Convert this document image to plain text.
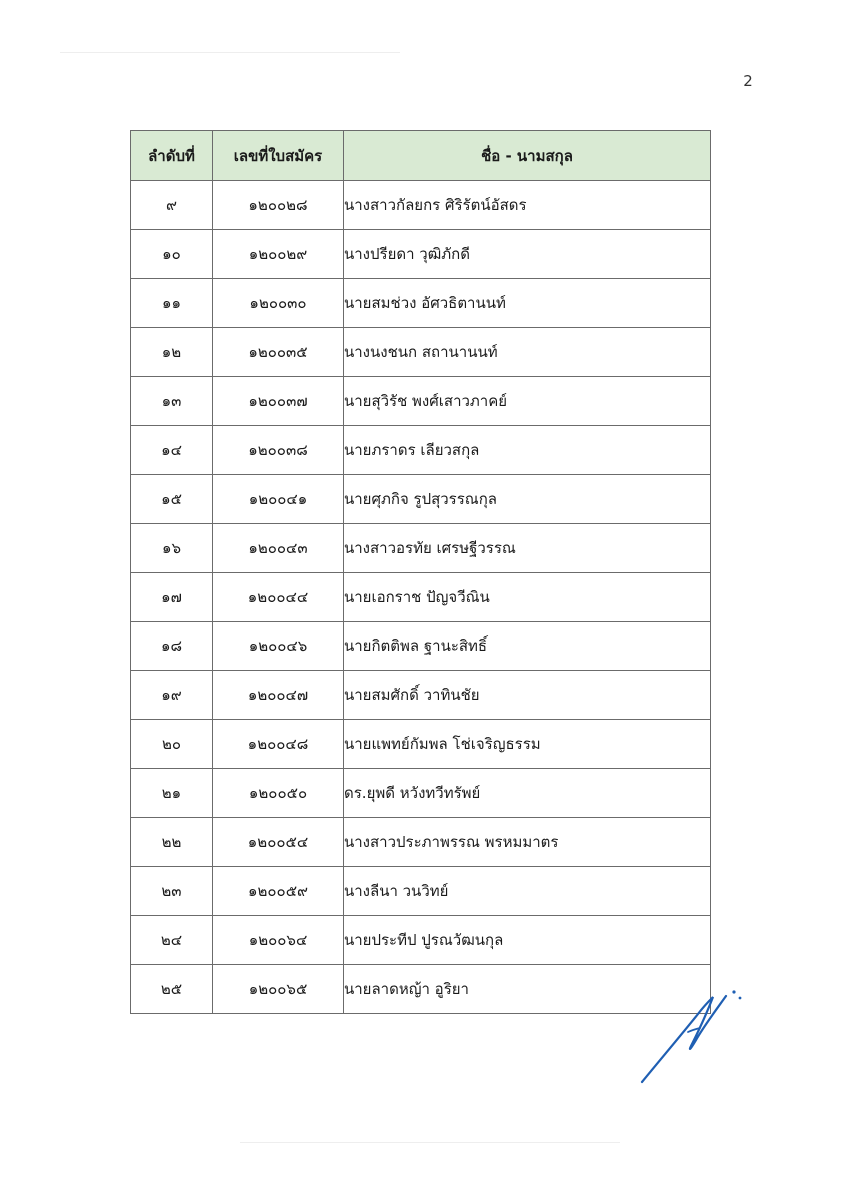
2
ลำดับที่	เลขที่ใบสมัคร	ชื่อ - นามสกุล
๙	๑๒๐๐๒๘	นางสาวกัลยกร ศิริรัตน์อัสดร
๑๐	๑๒๐๐๒๙	นางปรียดา วุฒิภักดี
๑๑	๑๒๐๐๓๐	นายสมช่วง อัศวธิตานนท์
๑๒	๑๒๐๐๓๕	นางนงชนก สถานานนท์
๑๓	๑๒๐๐๓๗	นายสุวิรัช พงศ์เสาวภาคย์
๑๔	๑๒๐๐๓๘	นายภราดร เลียวสกุล
๑๕	๑๒๐๐๔๑	นายศุภกิจ รูปสุวรรณกุล
๑๖	๑๒๐๐๔๓	นางสาวอรทัย เศรษฐีวรรณ
๑๗	๑๒๐๐๔๔	นายเอกราช ปัญจวีณิน
๑๘	๑๒๐๐๔๖	นายกิตติพล ฐานะสิทธิ์
๑๙	๑๒๐๐๔๗	นายสมศักดิ์ วาทินชัย
๒๐	๑๒๐๐๔๘	นายแพทย์กัมพล โช่เจริญธรรม
๒๑	๑๒๐๐๕๐	ดร.ยุพดี หวังทวีทรัพย์
๒๒	๑๒๐๐๕๔	นางสาวประภาพรรณ พรหมมาตร
๒๓	๑๒๐๐๕๙	นางลีนา วนวิทย์
๒๔	๑๒๐๐๖๔	นายประทีป ปูรณวัฒนกุล
๒๕	๑๒๐๐๖๕	นายลาดหญ้า อูริยา
